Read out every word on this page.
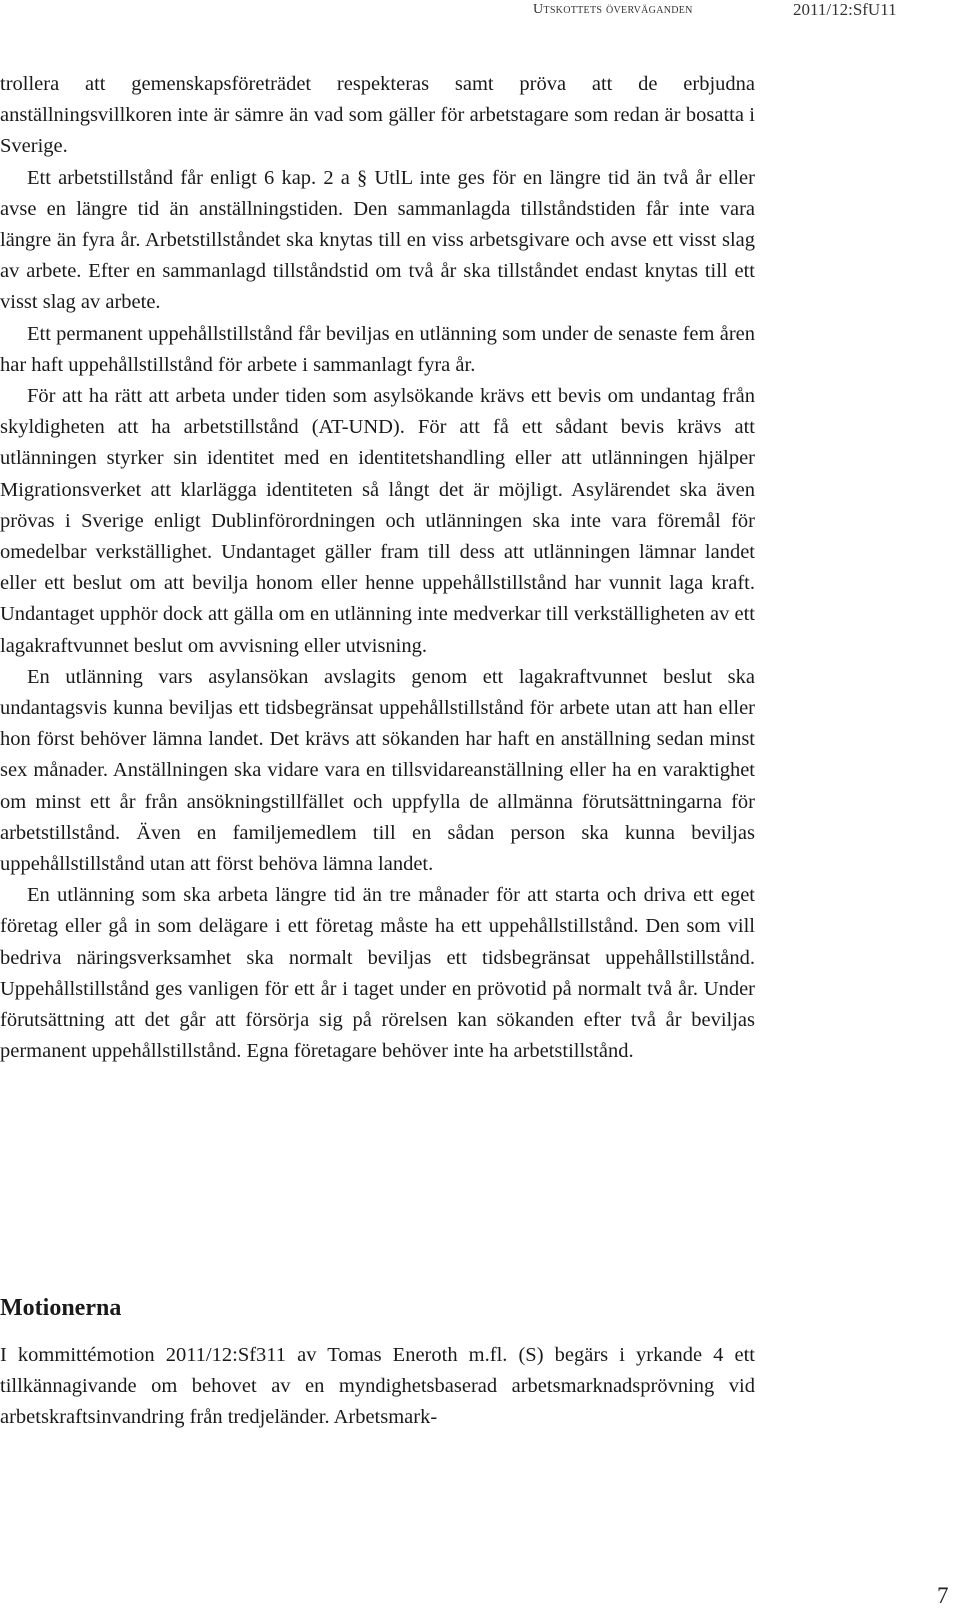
Utskottets överväganden	2011/12:SfU11

trollera att gemenskapsföreträdet respekteras samt pröva att de erbjudna anställningsvillkoren inte är sämre än vad som gäller för arbetstagare som redan är bosatta i Sverige.

Ett arbetstillstånd får enligt 6 kap. 2 a § UtlL inte ges för en längre tid än två år eller avse en längre tid än anställningstiden. Den sammanlagda tillståndstiden får inte vara längre än fyra år. Arbetstillståndet ska knytas till en viss arbetsgivare och avse ett visst slag av arbete. Efter en sammanlagd tillståndstid om två år ska tillståndet endast knytas till ett visst slag av arbete.

Ett permanent uppehållstillstånd får beviljas en utlänning som under de senaste fem åren har haft uppehållstillstånd för arbete i sammanlagt fyra år.

För att ha rätt att arbeta under tiden som asylsökande krävs ett bevis om undantag från skyldigheten att ha arbetstillstånd (AT-UND). För att få ett sådant bevis krävs att utlänningen styrker sin identitet med en identitetshandling eller att utlänningen hjälper Migrationsverket att klarlägga identiteten så långt det är möjligt. Asylärendet ska även prövas i Sverige enligt Dublinförordningen och utlänningen ska inte vara föremål för omedelbar verkställighet. Undantaget gäller fram till dess att utlänningen lämnar landet eller ett beslut om att bevilja honom eller henne uppehållstillstånd har vunnit laga kraft. Undantaget upphör dock att gälla om en utlänning inte medverkar till verkställigheten av ett lagakraftvunnet beslut om avvisning eller utvisning.

En utlänning vars asylansökan avslagits genom ett lagakraftvunnet beslut ska undantagsvis kunna beviljas ett tidsbegränsat uppehållstillstånd för arbete utan att han eller hon först behöver lämna landet. Det krävs att sökanden har haft en anställning sedan minst sex månader. Anställningen ska vidare vara en tillsvidareanställning eller ha en varaktighet om minst ett år från ansökningstillfället och uppfylla de allmänna förutsättningarna för arbetstillstånd. Även en familjemedlem till en sådan person ska kunna beviljas uppehållstillstånd utan att först behöva lämna landet.

En utlänning som ska arbeta längre tid än tre månader för att starta och driva ett eget företag eller gå in som delägare i ett företag måste ha ett uppehållstillstånd. Den som vill bedriva näringsverksamhet ska normalt beviljas ett tidsbegränsat uppehållstillstånd. Uppehållstillstånd ges vanligen för ett år i taget under en prövotid på normalt två år. Under förutsättning att det går att försörja sig på rörelsen kan sökanden efter två år beviljas permanent uppehållstillstånd. Egna företagare behöver inte ha arbetstillstånd.

Motionerna

I kommittémotion 2011/12:Sf311 av Tomas Eneroth m.fl. (S) begärs i yrkande 4 ett tillkännagivande om behovet av en myndighetsbaserad arbetsmarknadsprövning vid arbetskraftsinvandring från tredjeländer. Arbetsmark-

7
